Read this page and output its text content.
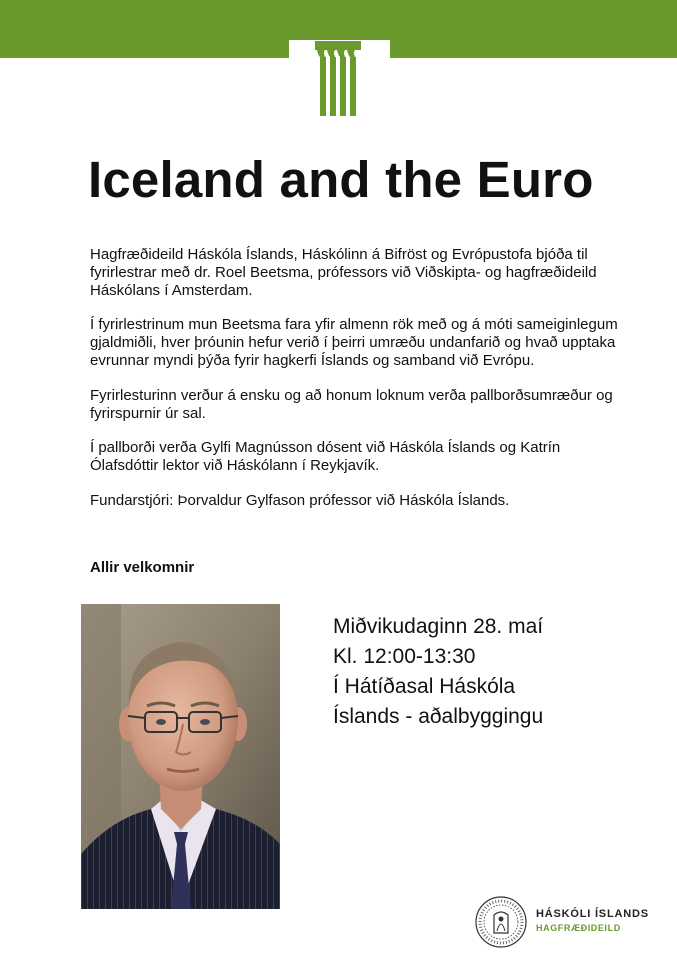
Iceland and the Euro

Hagfræðideild Háskóla Íslands, Háskólinn á Bifröst og Evrópustofa bjóða til fyrirlestrar með dr. Roel Beetsma, prófessors við Viðskipta- og hagfræðideild Háskólans í Amsterdam.

Í fyrirlestrinum mun Beetsma fara yfir almenn rök með og á móti sameiginlegum gjaldmiðli, hver þróunin hefur verið í þeirri umræðu undanfarið og hvað upptaka evrunnar myndi þýða fyrir hagkerfi Íslands og samband við Evrópu.

Fyrirlesturinn verður á ensku og að honum loknum verða pallborðsumræður og fyrirspurnir úr sal.

Í pallborði verða Gylfi Magnússon dósent við Háskóla Íslands og Katrín Ólafsdóttir lektor við Háskólann í Reykjavík.

Fundarstjóri: Þorvaldur Gylfason prófessor við Háskóla Íslands.

Allir velkomnir

Miðvikudaginn 28. maí
Kl. 12:00-13:30
Í Hátíðasal Háskóla
Íslands - aðalbyggingu
HÁSKÓLI ÍSLANDS
HAGFRÆÐIDEILD
